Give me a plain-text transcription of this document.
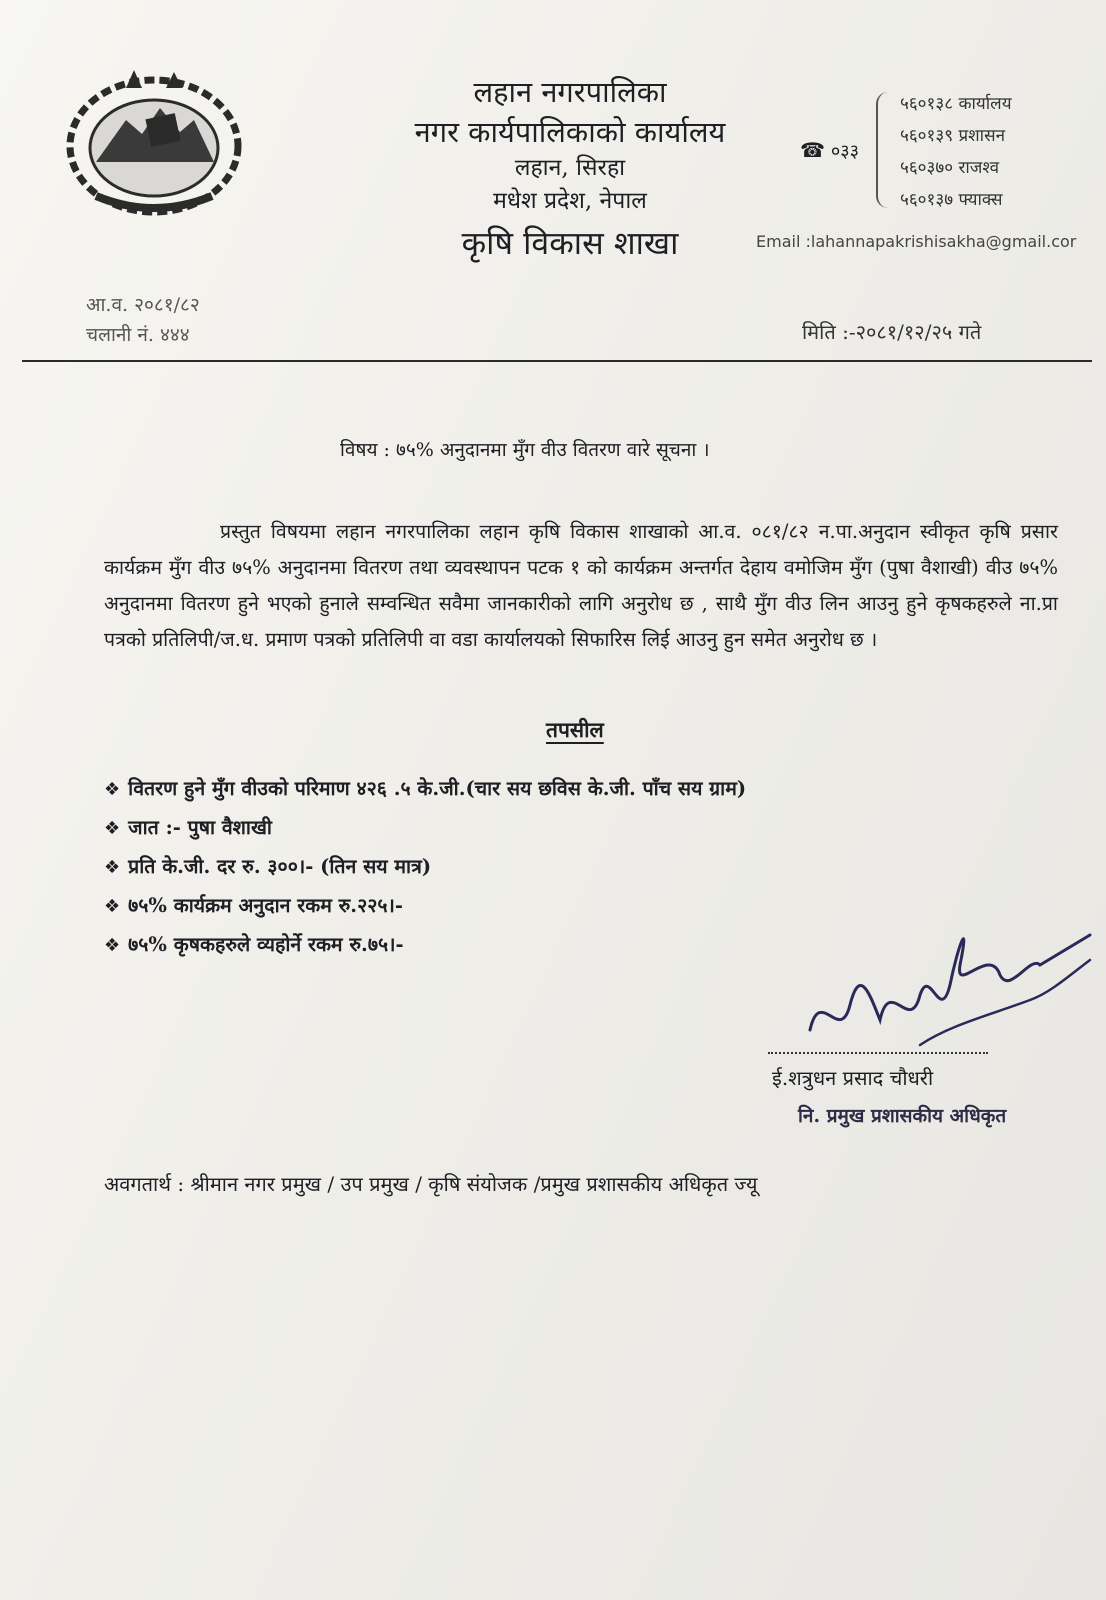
लहान नगरपालिका
नगर कार्यपालिकाको कार्यालय
लहान, सिरहा
मधेश प्रदेश, नेपाल
कृषि विकास शाखा
☎ ०३३
५६०१३८ कार्यालय
५६०१३९ प्रशासन
५६०३७० राजश्व
५६०१३७ फ्याक्स
Email :lahannapakrishisakha@gmail.cor
आ.व. २०८१/८२
चलानी नं. ४४४	मिति :-२०८१/१२/२५ गते
विषय : ७५% अनुदानमा मुँग वीउ वितरण वारे सूचना ।
प्रस्तुत विषयमा लहान नगरपालिका लहान कृषि विकास शाखाको आ.व. ०८१/८२ न.पा.अनुदान स्वीकृत कृषि प्रसार कार्यक्रम मुँग वीउ ७५% अनुदानमा वितरण तथा व्यवस्थापन पटक १ को कार्यक्रम अन्तर्गत देहाय वमोजिम मुँग (पुषा वैशाखी) वीउ ७५% अनुदानमा वितरण हुने भएको हुनाले सम्वन्धित सवैमा जानकारीको लागि अनुरोध छ , साथै मुँग वीउ लिन आउनु हुने कृषकहरुले ना.प्रा पत्रको प्रतिलिपी/ज.ध. प्रमाण पत्रको प्रतिलिपी वा वडा कार्यालयको सिफारिस लिई आउनु हुन समेत अनुरोध छ ।
तपसील
❖ वितरण हुने मुँग वीउको परिमाण ४२६ .५ के.जी.(चार सय छविस के.जी. पाँच सय ग्राम)
❖ जात :- पुषा वैशाखी
❖ प्रति के.जी. दर रु. ३००।- (तिन सय मात्र)
❖ ७५% कार्यक्रम अनुदान रकम रु.२२५।-
❖ ७५% कृषकहरुले व्यहोर्ने रकम रु.७५।-
ई.शत्रुधन प्रसाद चौधरी
नि. प्रमुख प्रशासकीय अधिकृत
अवगतार्थ : श्रीमान नगर प्रमुख / उप प्रमुख / कृषि संयोजक /प्रमुख प्रशासकीय अधिकृत ज्यू
